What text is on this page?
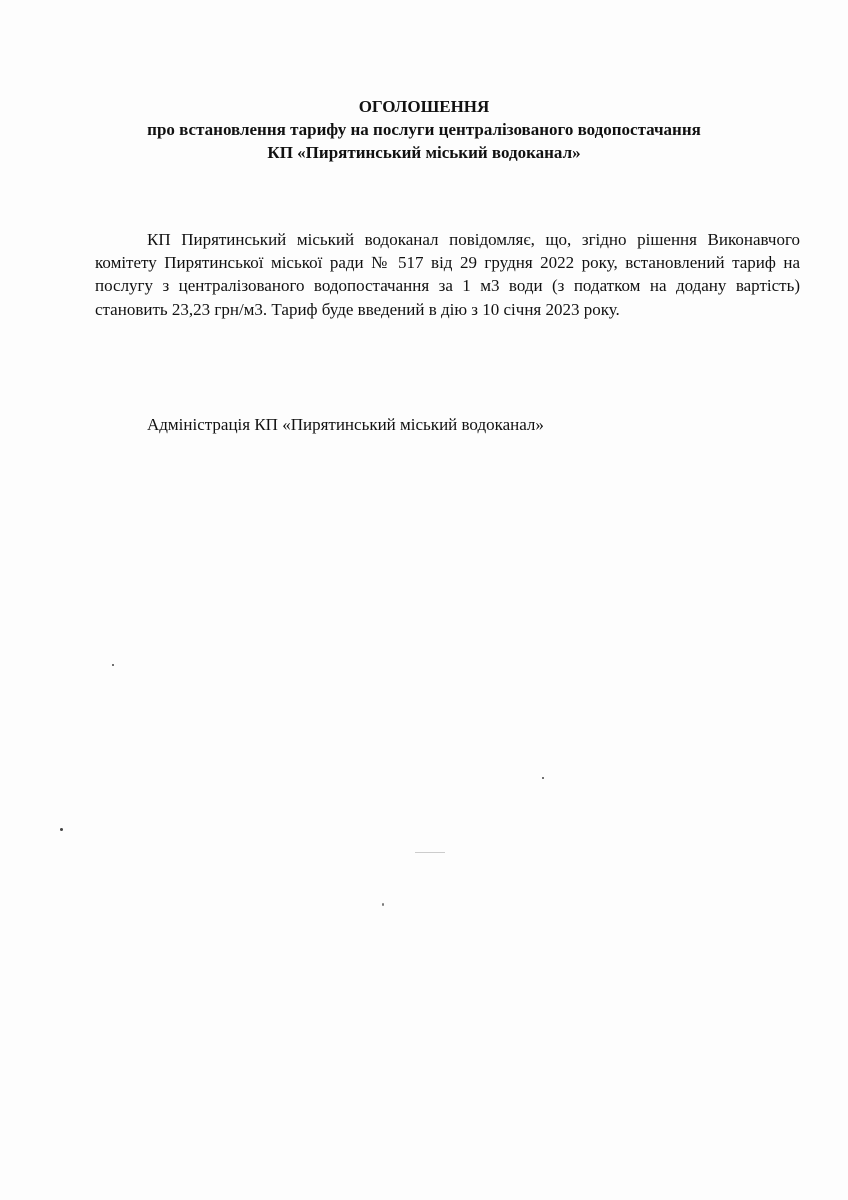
ОГОЛОШЕННЯ
про встановлення тарифу на послуги централізованого водопостачання
КП «Пирятинський міський водоканал»

КП Пирятинський міський водоканал повідомляє, що, згідно рішення Виконавчого комітету Пирятинської міської ради № 517 від 29 грудня 2022 року, встановлений тариф на послугу з централізованого водопостачання за 1 м3 води (з податком на додану вартість) становить 23,23 грн/м3. Тариф буде введений в дію з 10 січня 2023 року.

Адміністрація КП «Пирятинський міський водоканал»
